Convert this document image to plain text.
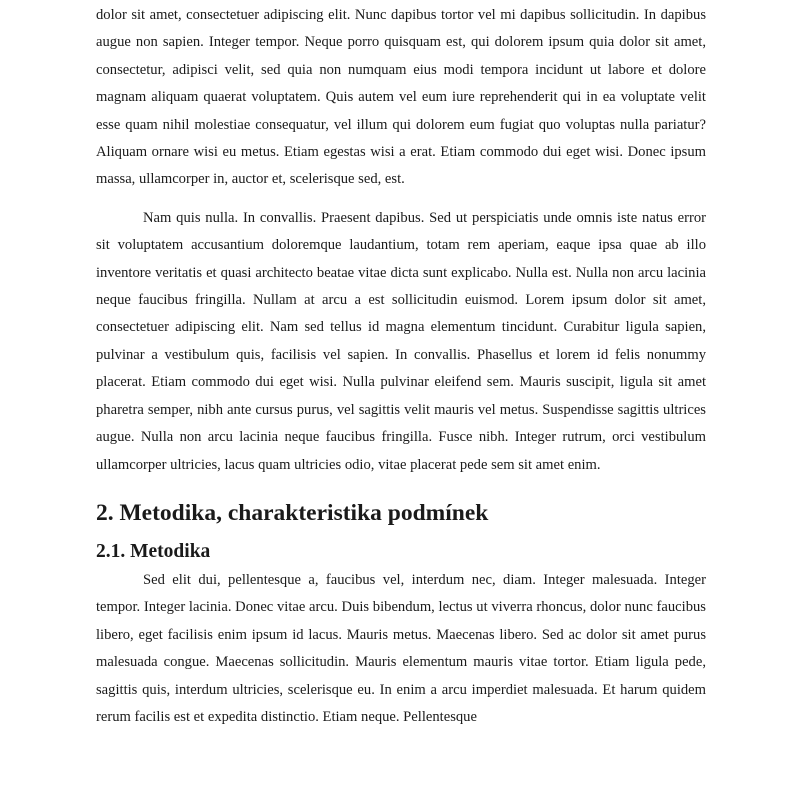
dolor sit amet, consectetuer adipiscing elit. Nunc dapibus tortor vel mi dapibus sollicitudin. In dapibus augue non sapien. Integer tempor. Neque porro quisquam est, qui dolorem ipsum quia dolor sit amet, consectetur, adipisci velit, sed quia non numquam eius modi tempora incidunt ut labore et dolore magnam aliquam quaerat voluptatem. Quis autem vel eum iure reprehenderit qui in ea voluptate velit esse quam nihil molestiae consequatur, vel illum qui dolorem eum fugiat quo voluptas nulla pariatur? Aliquam ornare wisi eu metus. Etiam egestas wisi a erat. Etiam commodo dui eget wisi. Donec ipsum massa, ullamcorper in, auctor et, scelerisque sed, est.

Nam quis nulla. In convallis. Praesent dapibus. Sed ut perspiciatis unde omnis iste natus error sit voluptatem accusantium doloremque laudantium, totam rem aperiam, eaque ipsa quae ab illo inventore veritatis et quasi architecto beatae vitae dicta sunt explicabo. Nulla est. Nulla non arcu lacinia neque faucibus fringilla. Nullam at arcu a est sollicitudin euismod. Lorem ipsum dolor sit amet, consectetuer adipiscing elit. Nam sed tellus id magna elementum tincidunt. Curabitur ligula sapien, pulvinar a vestibulum quis, facilisis vel sapien. In convallis. Phasellus et lorem id felis nonummy placerat. Etiam commodo dui eget wisi. Nulla pulvinar eleifend sem. Mauris suscipit, ligula sit amet pharetra semper, nibh ante cursus purus, vel sagittis velit mauris vel metus. Suspendisse sagittis ultrices augue. Nulla non arcu lacinia neque faucibus fringilla. Fusce nibh. Integer rutrum, orci vestibulum ullamcorper ultricies, lacus quam ultricies odio, vitae placerat pede sem sit amet enim.

2. Metodika, charakteristika podmínek
2.1. Metodika

Sed elit dui, pellentesque a, faucibus vel, interdum nec, diam. Integer malesuada. Integer tempor. Integer lacinia. Donec vitae arcu. Duis bibendum, lectus ut viverra rhoncus, dolor nunc faucibus libero, eget facilisis enim ipsum id lacus. Mauris metus. Maecenas libero. Sed ac dolor sit amet purus malesuada congue. Maecenas sollicitudin. Mauris elementum mauris vitae tortor. Etiam ligula pede, sagittis quis, interdum ultricies, scelerisque eu. In enim a arcu imperdiet malesuada. Et harum quidem rerum facilis est et expedita distinctio. Etiam neque. Pellentesque
